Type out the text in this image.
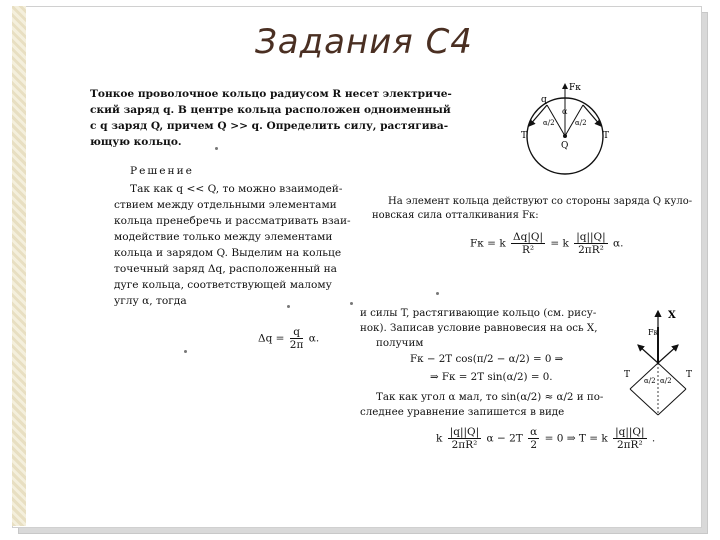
Задания С4
Тонкое проволочное кольцо радиусом R несет электриче-
ский заряд q. В центре кольца расположен одноименный
с q заряд Q, причем Q >> q. Определить силу, растягива-
ющую кольцо.
Решение
Так как q << Q, то можно взаимодей-
ствием между отдельными элементами
кольца пренебречь и рассматривать взаи-
модействие только между элементами
кольца и зарядом Q. Выделим на кольце
точечный заряд Δq, расположенный на
дуге кольца, соответствующей малому
углу α, тогда
$\Delta q = \frac{q}{2\pi} \alpha$.
На элемент кольца действуют со стороны заряда Q куло-
новская сила отталкивания Fк:
Fк = k $\frac{\Delta q|Q|}{\text{R²}} = k \frac{|q||Q|}{\text{2πR²}} \alpha$.
и силы T, растягивающие кольцо (см. рису-
нок). Записав условие равновесия на ось X,
получим
Fк − 2T cos(π/2 − α/2) = 0 ⇒
⇒ Fк = 2T sin(α/2) = 0.
Так как угол α мал, то sin(α/2) ≈ α/2 и по-
следнее уравнение запишется в виде
k $\frac{|q||Q|}{\text{2πR²}}$ $\alpha - 2T \frac{\alpha}{2} = 0$ ⇒ T = k $\frac{|q||Q|}{\text{2πR²}}$ .
Fк
q
α
α/2	α/2
Q
T	T
X
Fк
T	T
α/2 α/2
